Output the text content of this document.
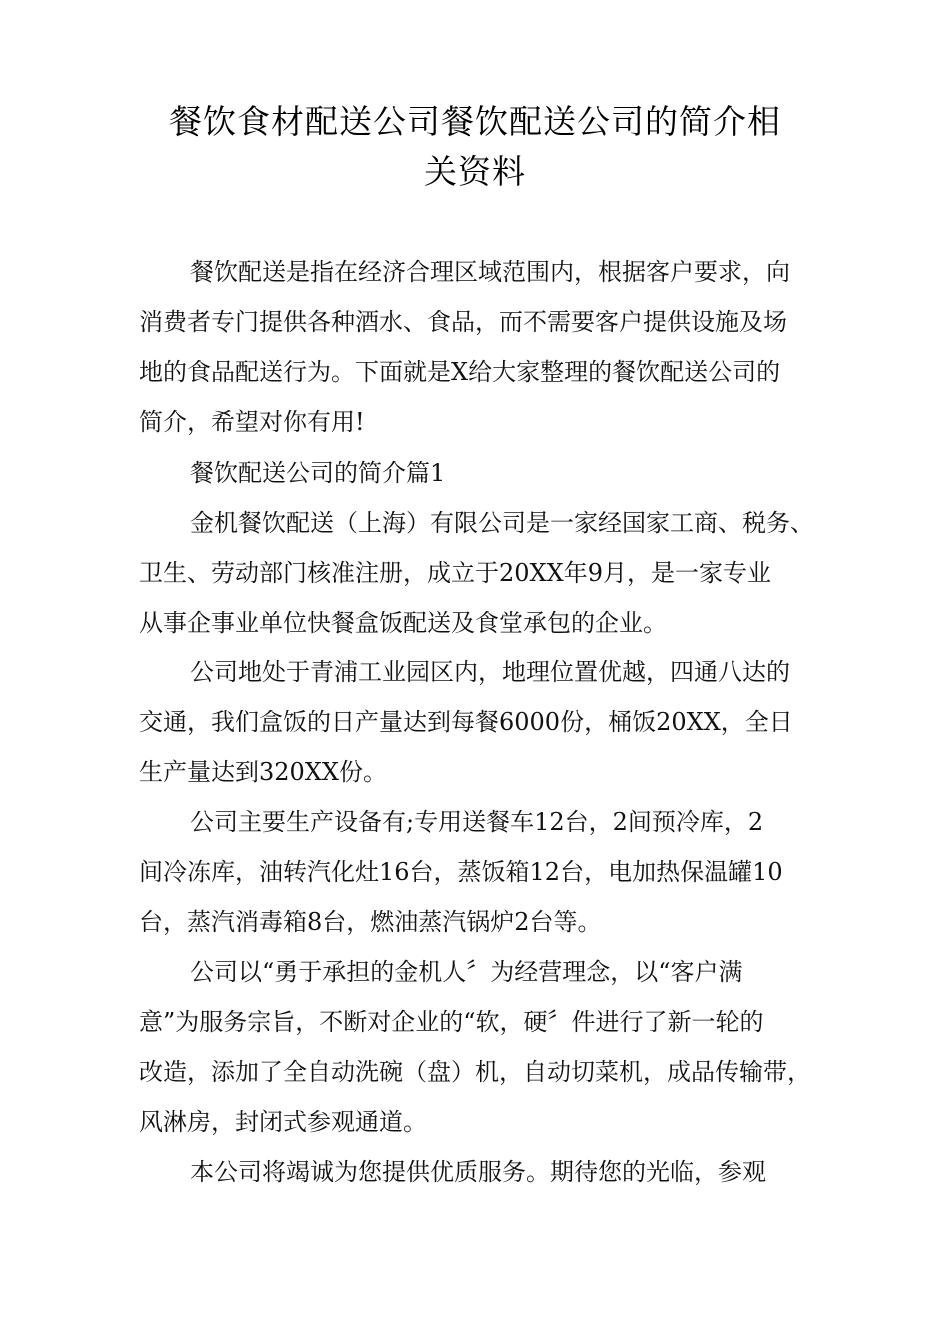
餐饮食材配送公司餐饮配送公司的简介相
关资料
餐饮配送是指在经济合理区域范围内，根据客户要求，向
消费者专门提供各种酒水、食品，而不需要客户提供设施及场
地的食品配送行为。下面就是X给大家整理的餐饮配送公司的
简介，希望对你有用!
餐饮配送公司的简介篇1
金机餐饮配送（上海）有限公司是一家经国家工商、税务、
卫生、劳动部门核准注册，成立于20XX年9月，是一家专业
从事企事业单位快餐盒饭配送及食堂承包的企业。
公司地处于青浦工业园区内，地理位置优越，四通八达的
交通，我们盒饭的日产量达到每餐6000份，桶饭20XX，全日
生产量达到320XX份。
公司主要生产设备有;专用送餐车12台，2间预冷库，2
间冷冻库，油转汽化灶16台，蒸饭箱12台，电加热保温罐10
台，蒸汽消毒箱8台，燃油蒸汽锅炉2台等。
公司以“勇于承担的金机人〞为经营理念，以“客户满
意”为服务宗旨，不断对企业的“软，硬〞件进行了新一轮的
改造，添加了全自动洗碗（盘）机，自动切菜机，成品传输带，
风淋房，封闭式参观通道。
本公司将竭诚为您提供优质服务。期待您的光临，参观
